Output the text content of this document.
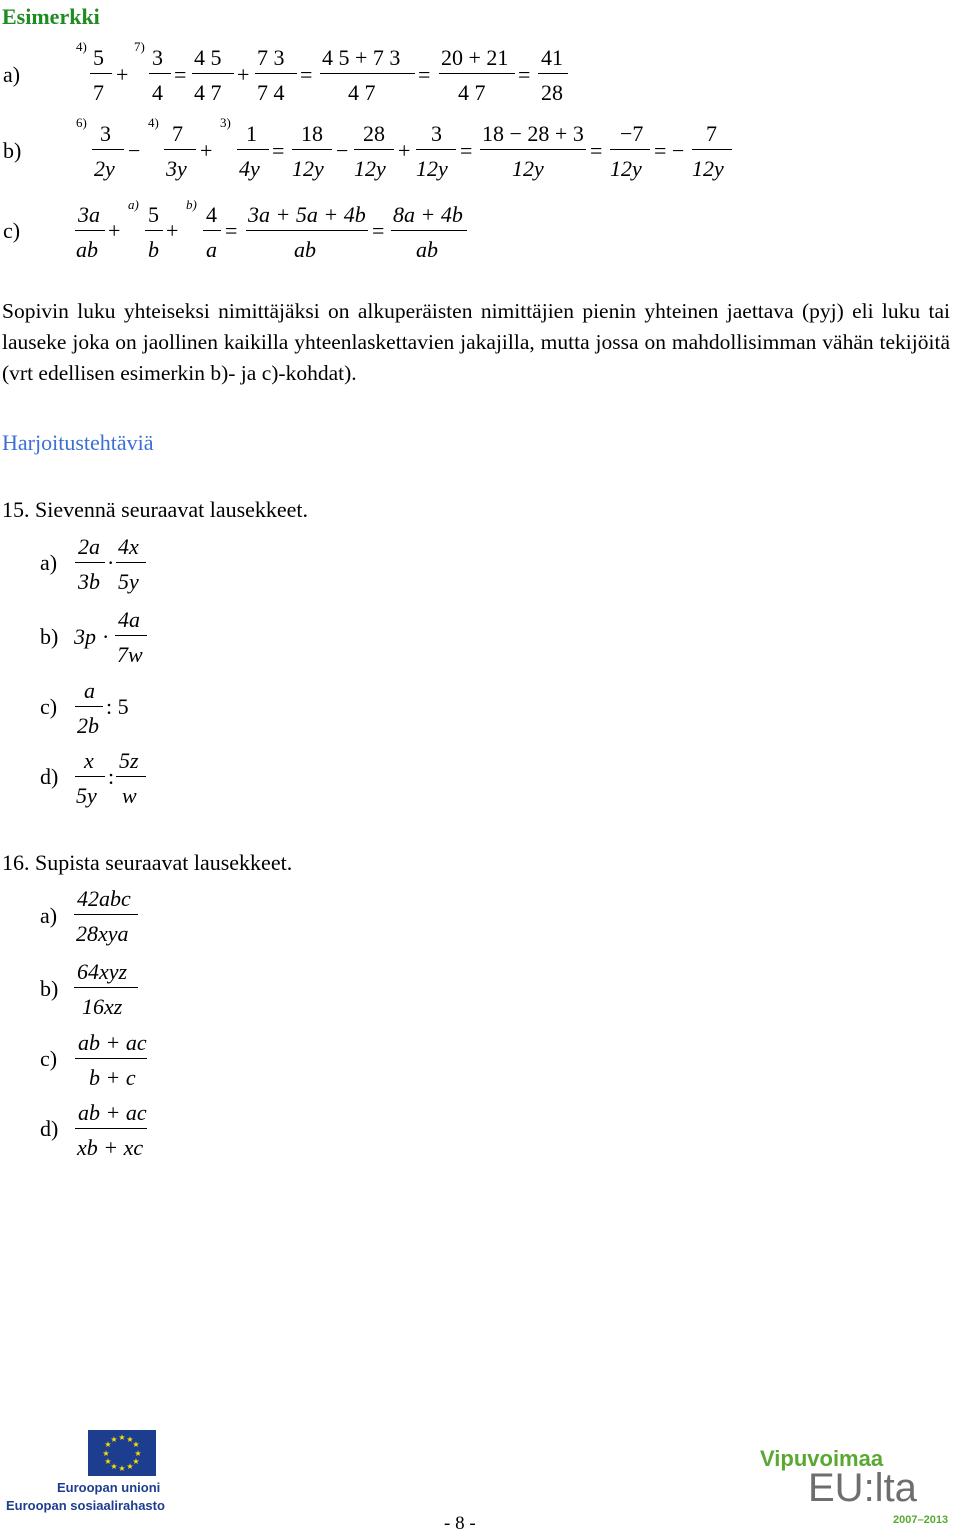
Esimerkki
a)
4)	7)
5
7
+
3
4
=
4 5
4 7
+
7 3
7 4
=
4 5 + 7 3
4 7
=
20 + 21
4 7
=
41
28
b)
6)	4)	3)
3
2y
−
7
3y
+
1
4y
=
18
12y
−
28
12y
+
3
12y
=
18 − 28 + 3
12y
=
−7
12y
= −
7
12y
c)
a)	b)
3a
ab
+
5
b
+
4
a
=
3a + 5a + 4b
ab
=
8a + 4b
ab
Sopivin luku yhteiseksi nimittäjäksi on alkuperäisten nimittäjien pienin yhteinen jaettava (pyj) eli luku tai lauseke joka on jaollinen kaikilla yhteenlaskettavien jakajilla, mutta jossa on mahdollisimman vähän tekijöitä (vrt edellisen esimerkin b)- ja c)-kohdat).
Harjoitustehtäviä
15. Sievennä seuraavat lausekkeet.
a)
2a
3b
·
4x
5y
b) 3p ·
4a
7w
c)
a
2b
: 5
d)
x
5y
:
5z
w
16. Supista seuraavat lausekkeet.
a)
42abc
28xya
b)
64xyz
16xz
c)
ab + ac
b + c
d)
ab + ac
xb + xc
★ ★
★
★
★
★
★
★
★
★
★
★
Euroopan unioni
Euroopan sosiaalirahasto
- 8 -
Vipuvoimaa
EU:lta
2007–2013
